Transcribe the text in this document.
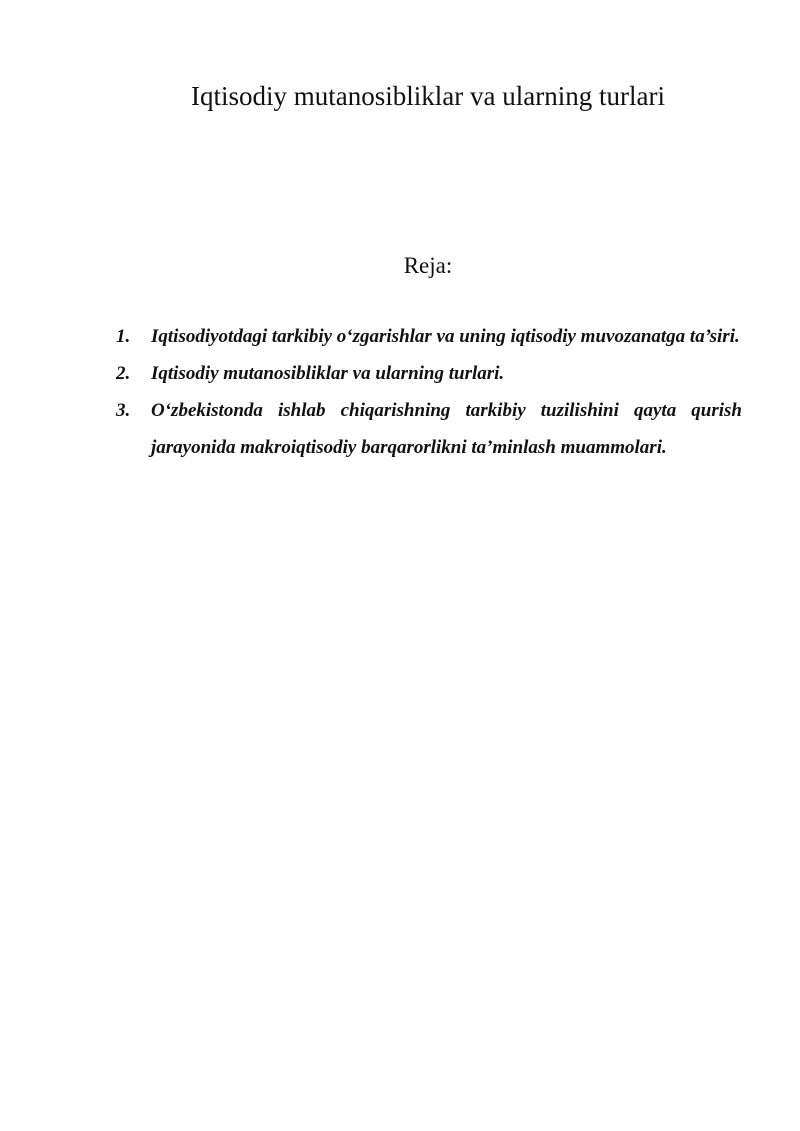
Iqtisodiy mutanosibliklar va ularning turlari

Reja:

1.	Iqtisodiyotdagi tarkibiy o‘zgarishlar va uning iqtisodiy muvozanatga ta’siri.
2.	Iqtisodiy mutanosibliklar va ularning turlari.
3.	O‘zbekistonda ishlab chiqarishning tarkibiy tuzilishini qayta qurish jarayonida makroiqtisodiy barqarorlikni ta’minlash muammolari.
